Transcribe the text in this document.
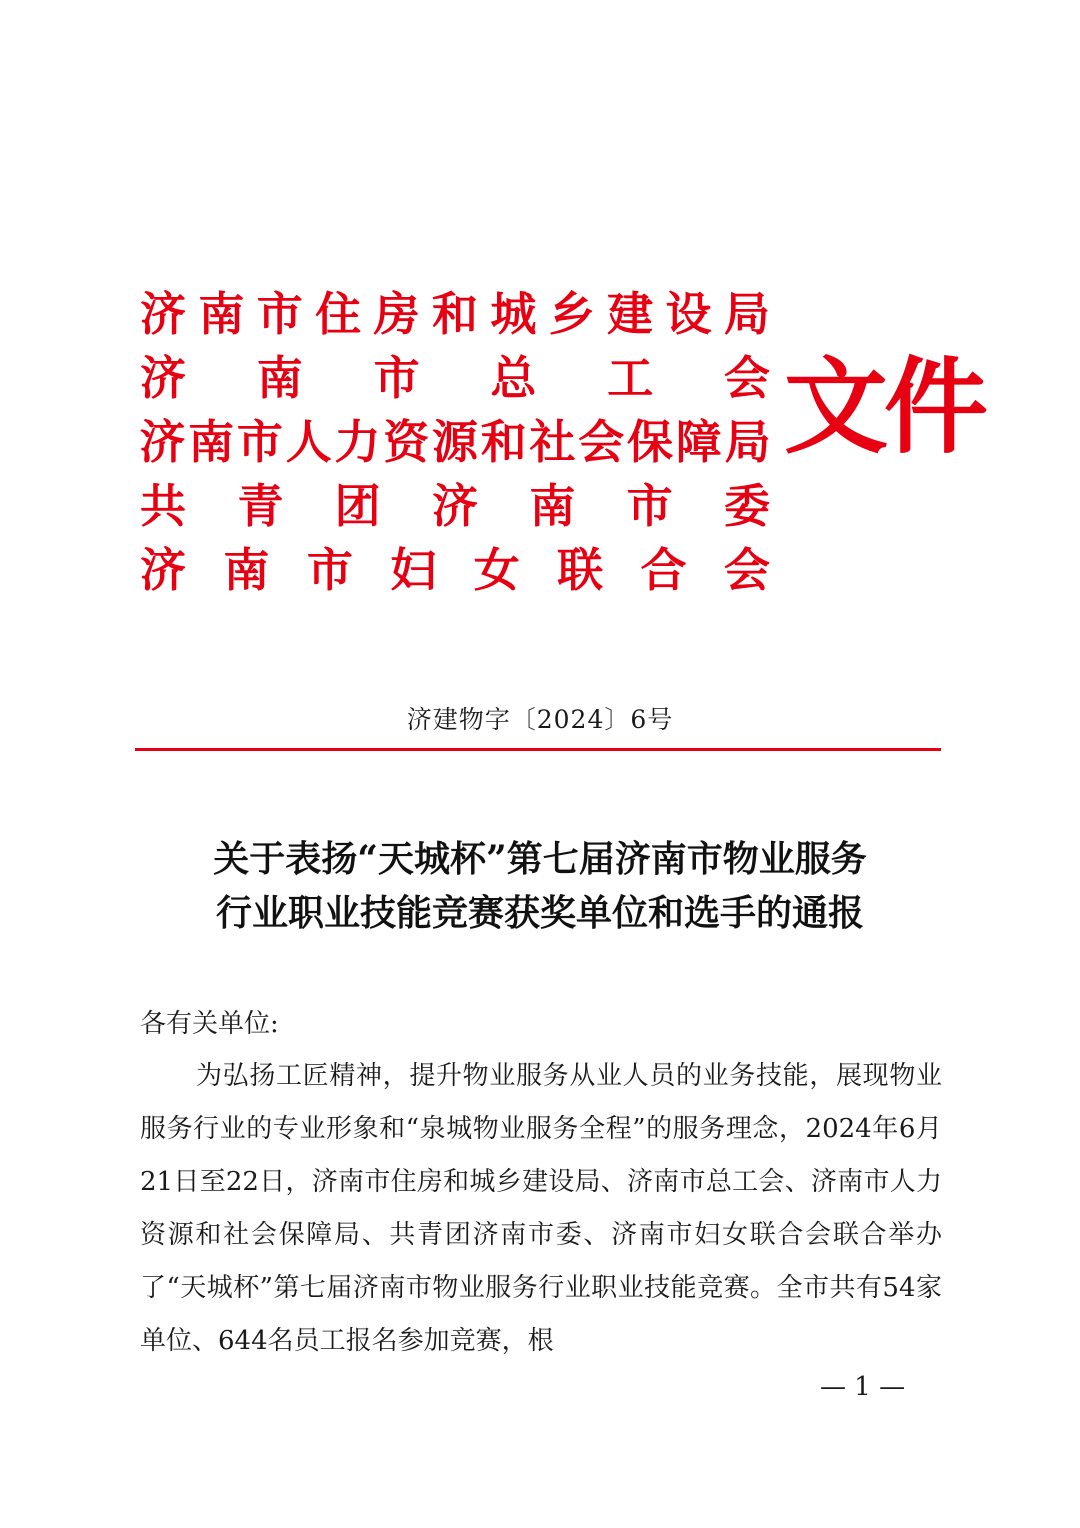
济 南 市 住 房 和 城 乡 建 设 局
济 南 市 总 工 会
济 南 市 人 力 资 源 和 社 会 保 障 局
共 青 团 济 南 市 委
济 南 市 妇 女 联 合 会
文件
济建物字〔2024〕6号
关于表扬“天城杯”第七届济南市物业服务
行业职业技能竞赛获奖单位和选手的通报
各有关单位:

为弘扬工匠精神，提升物业服务从业人员的业务技能，展现物业服务行业的专业形象和“泉城物业服务全程”的服务理念，2024年6月21日至22日，济南市住房和城乡建设局、济南市总工会、济南市人力资源和社会保障局、共青团济南市委、济南市妇女联合会联合举办了“天城杯”第七届济南市物业服务行业职业技能竞赛。全市共有54家单位、644名员工报名参加竞赛，根

— 1 —
